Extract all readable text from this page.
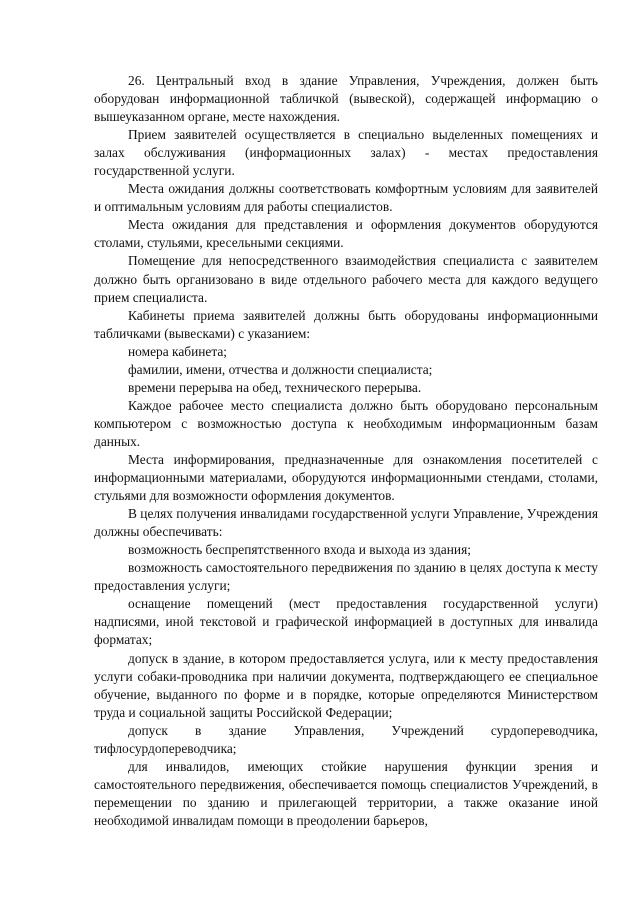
26. Центральный вход в здание Управления, Учреждения, должен быть оборудован информационной табличкой (вывеской), содержащей информацию о вышеуказанном органе, месте нахождения.

Прием заявителей осуществляется в специально выделенных помещениях и залах обслуживания (информационных залах) - местах предоставления государственной услуги.

Места ожидания должны соответствовать комфортным условиям для заявителей и оптимальным условиям для работы специалистов.

Места ожидания для представления и оформления документов оборудуются столами, стульями, кресельными секциями.

Помещение для непосредственного взаимодействия специалиста с заявителем должно быть организовано в виде отдельного рабочего места для каждого ведущего прием специалиста.

Кабинеты приема заявителей должны быть оборудованы информационными табличками (вывесками) с указанием:

номера кабинета;

фамилии, имени, отчества и должности специалиста;

времени перерыва на обед, технического перерыва.

Каждое рабочее место специалиста должно быть оборудовано персональным компьютером с возможностью доступа к необходимым информационным базам данных.

Места информирования, предназначенные для ознакомления посетителей с информационными материалами, оборудуются информационными стендами, столами, стульями для возможности оформления документов.

В целях получения инвалидами государственной услуги Управление, Учреждения должны обеспечивать:

возможность беспрепятственного входа и выхода из здания;

возможность самостоятельного передвижения по зданию в целях доступа к месту предоставления услуги;

оснащение помещений (мест предоставления государственной услуги) надписями, иной текстовой и графической информацией в доступных для инвалида форматах;

допуск в здание, в котором предоставляется услуга, или к месту предоставления услуги собаки-проводника при наличии документа, подтверждающего ее специальное обучение, выданного по форме и в порядке, которые определяются Министерством труда и социальной защиты Российской Федерации;

допуск в здание Управления, Учреждений сурдопереводчика, тифлосурдопереводчика;

для инвалидов, имеющих стойкие нарушения функции зрения и самостоятельного передвижения, обеспечивается помощь специалистов Учреждений, в перемещении по зданию и прилегающей территории, а также оказание иной необходимой инвалидам помощи в преодолении барьеров,
